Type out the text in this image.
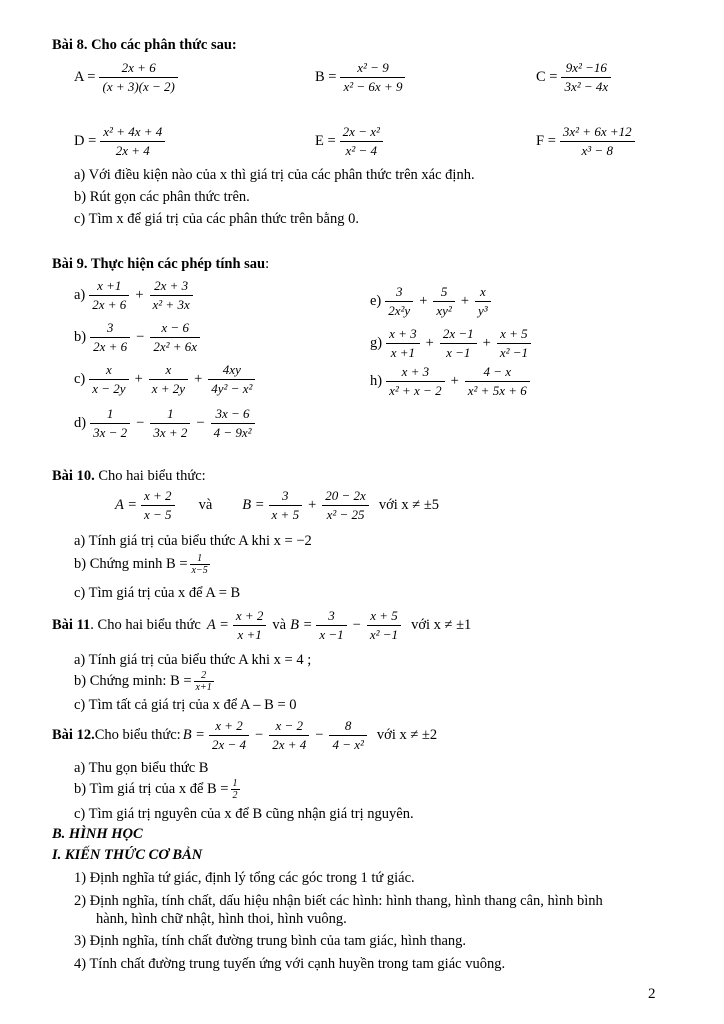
Bài 8. Cho các phân thức sau:
$A = \frac{2x + 6}{(x + 3)(x - 2)}$	$B = \frac{\text{x² − 9}}{\text{x² − 6x + 9}}$	$C = \frac{\text{9x² −16}}{\text{3x² − 4x}}$
$D = \frac{\text{x² + 4x + 4}}{2x + 4}$	$E = \frac{\text{2x − x²}}{\text{x² − 4}}$	$F = \frac{\text{3x² + 6x +12}}{\text{x³ − 8}}$
a) Với điều kiện nào của x thì giá trị của các phân thức trên xác định.
b) Rút gọn các phân thức trên.
c) Tìm x để giá trị của các phân thức trên bằng 0.
Bài 9. Thực hiện các phép tính sau:
$a) \frac{x +1}{2x + 6} + \frac{2x + 3}{\text{x² + 3x}}$
$b) \frac{3}{2x + 6} - \frac{x - 6}{\text{2x² + 6x}}$
$c) \frac{x}{x - 2y} + \frac{x}{x + 2y} + \frac{4xy}{\text{4y² − x²}}$
$d) \frac{1}{3x - 2} - \frac{1}{3x + 2} - \frac{3x - 6}{\text{4 − 9x²}}$
$e) \frac{3}{\text{2x²y}} + \frac{5}{\text{xy²}} + \frac{x}{\text{y³}}$
$g) \frac{x + 3}{x +1} + \frac{2x -1}{x -1} + \frac{x + 5}{\text{x² −1}}$
$h) \frac{x + 3}{\text{x² + x − 2}} + \frac{4 - x}{\text{x² + 5x + 6}}$
Bài 10. Cho hai biểu thức:
$A = \frac{x + 2}{x - 5}$ và $B = \frac{3}{x + 5} + \frac{20 - 2x}{\text{x² − 25}}$ với x ≠ ±5
a) Tính giá trị của biểu thức A khi x = −2
b) Chứng minh $B = \frac{1}{x-5}$
c) Tìm giá trị của x để A = B
Bài 11 . Cho hai biểu thức $A = \frac{x + 2}{x +1}$ và $B = \frac{3}{x -1} - \frac{x + 5}{\text{x² −1}}$ với x ≠ ±1
a) Tính giá trị của biểu thức A khi x = 4 ;
b) Chứng minh: $B = \frac{2}{x+1}$
c) Tìm tất cả giá trị của x để A – B = 0
Bài 12. Cho biểu thức: $B = \frac{x + 2}{2x - 4} - \frac{x - 2}{2x + 4} - \frac{8}{\text{4 − x²}}$ với x ≠ ±2
a) Thu gọn biểu thức B
b) Tìm giá trị của x để $B = \frac{1}{2}$
c) Tìm giá trị nguyên của x để B cũng nhận giá trị nguyên.
B. HÌNH HỌC
I. KIẾN THỨC CƠ BẢN
1) Định nghĩa tứ giác, định lý tổng các góc trong 1 tứ giác.
2) Định nghĩa, tính chất, dấu hiệu nhận biết các hình: hình thang, hình thang cân, hình bình
hành, hình chữ nhật, hình thoi, hình vuông.
3) Định nghĩa, tính chất đường trung bình của tam giác, hình thang.
4) Tính chất đường trung tuyến ứng với cạnh huyền trong tam giác vuông.
2
